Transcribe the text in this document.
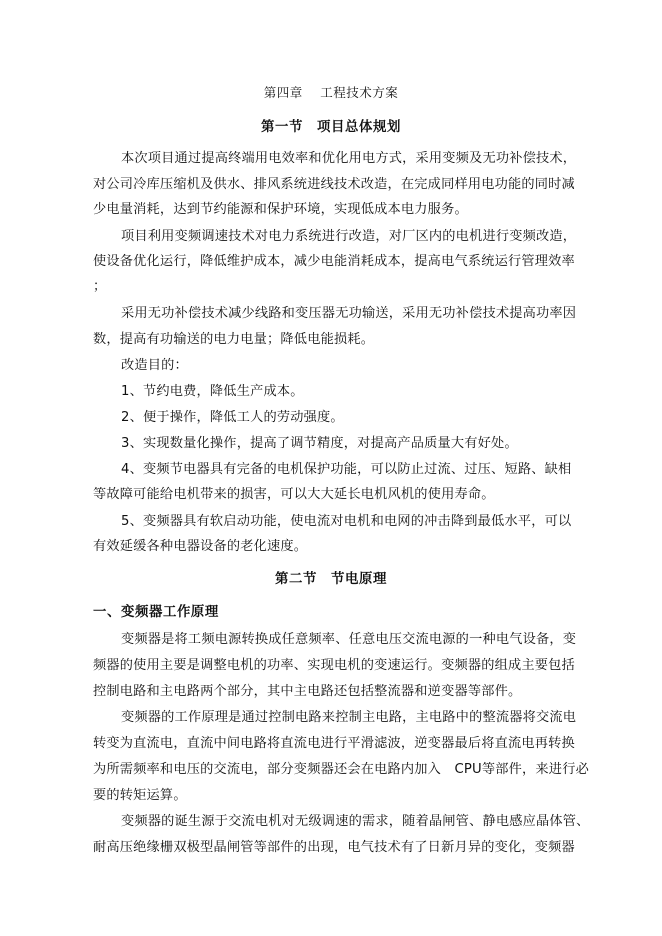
第四章　 工程技术方案
第一节　项目总体规划
本次项目通过提高终端用电效率和优化用电方式，采用变频及无功补偿技术，
对公司冷库压缩机及供水、排风系统进线技术改造，在完成同样用电功能的同时减
少电量消耗，达到节约能源和保护环境，实现低成本电力服务。
项目利用变频调速技术对电力系统进行改造，对厂区内的电机进行变频改造，
使设备优化运行，降低维护成本，减少电能消耗成本，提高电气系统运行管理效率
；
采用无功补偿技术减少线路和变压器无功输送，采用无功补偿技术提高功率因
数，提高有功输送的电力电量；降低电能损耗。
改造目的：
1、节约电费，降低生产成本。
2、便于操作，降低工人的劳动强度。
3、实现数量化操作，提高了调节精度，对提高产品质量大有好处。
4、变频节电器具有完备的电机保护功能，可以防止过流、过压、短路、缺相
等故障可能给电机带来的损害，可以大大延长电机风机的使用寿命。
5、变频器具有软启动功能，使电流对电机和电网的冲击降到最低水平，可以
有效延缓各种电器设备的老化速度。
第二节　节电原理
一、变频器工作原理
变频器是将工频电源转换成任意频率、任意电压交流电源的一种电气设备，变
频器的使用主要是调整电机的功率、实现电机的变速运行。变频器的组成主要包括
控制电路和主电路两个部分，其中主电路还包括整流器和逆变器等部件。
变频器的工作原理是通过控制电路来控制主电路，主电路中的整流器将交流电
转变为直流电，直流中间电路将直流电进行平滑滤波，逆变器最后将直流电再转换
为所需频率和电压的交流电，部分变频器还会在电路内加入　CPU等部件，来进行必
要的转矩运算。
变频器的诞生源于交流电机对无级调速的需求，随着晶闸管、静电感应晶体管、
耐高压绝缘栅双极型晶闸管等部件的出现，电气技术有了日新月异的变化，变频器
